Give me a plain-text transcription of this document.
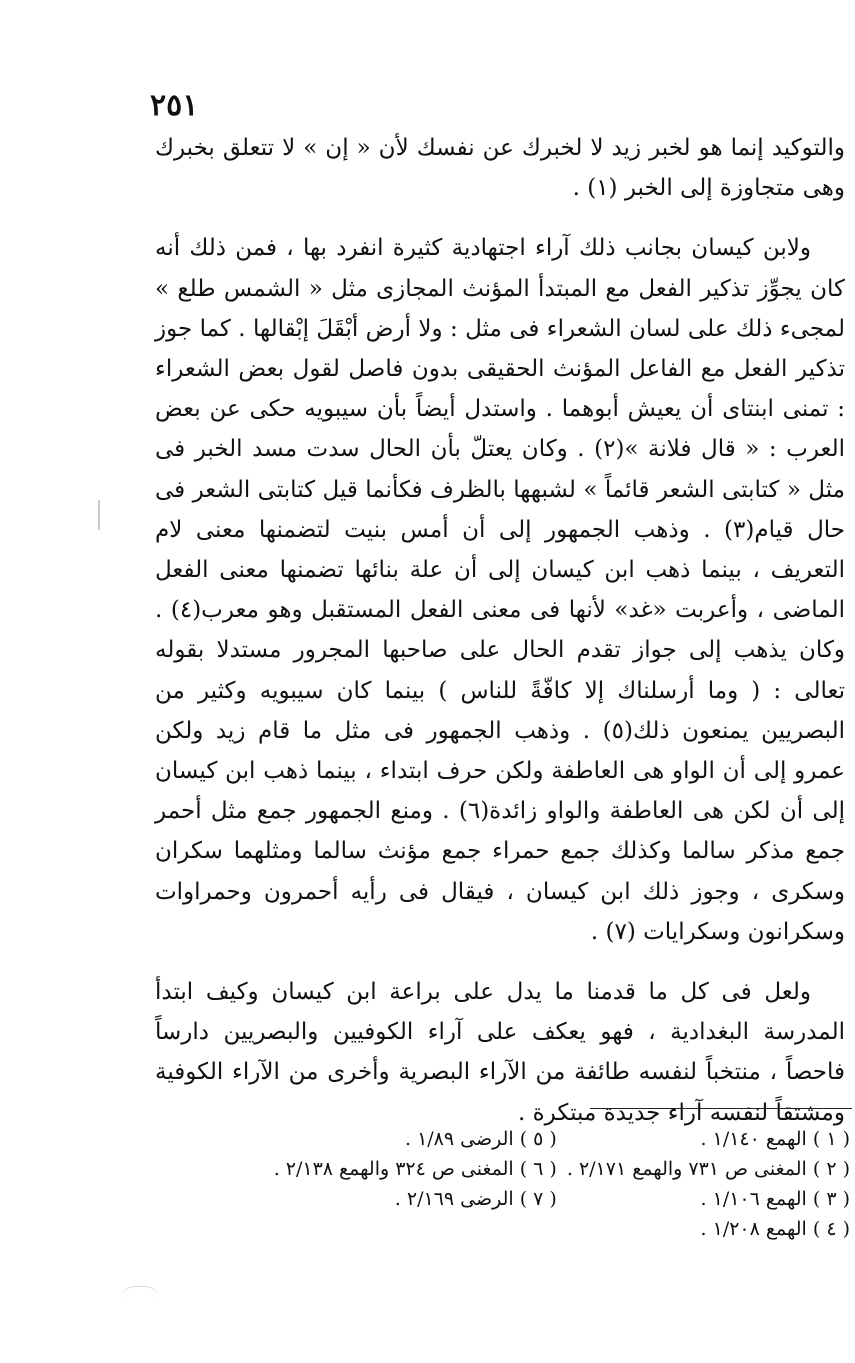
٢٥١

والتوكيد إنما هو لخبر زيد لا لخبرك عن نفسك لأن « إن » لا تتعلق بخبرك وهى متجاوزة إلى الخبر (١) .

ولابن كيسان بجانب ذلك آراء اجتهادية كثيرة انفرد بها ، فمن ذلك أنه كان يجوِّز تذكير الفعل مع المبتدأ المؤنث المجازى مثل « الشمس طلع » لمجىء ذلك على لسان الشعراء فى مثل : ولا أرض أبْقَلَ إبْقالها . كما جوز تذكير الفعل مع الفاعل المؤنث الحقيقى بدون فاصل لقول بعض الشعراء : تمنى ابنتاى أن يعيش أبوهما . واستدل أيضاً بأن سيبويه حكى عن بعض العرب : « قال فلانة »(٢) . وكان يعتلّ بأن الحال سدت مسد الخبر فى مثل « كتابتى الشعر قائماً » لشبهها بالظرف فكأنما قيل كتابتى الشعر فى حال قيام(٣) . وذهب الجمهور إلى أن أمس بنيت لتضمنها معنى لام التعريف ، بينما ذهب ابن كيسان إلى أن علة بنائها تضمنها معنى الفعل الماضى ، وأعربت «غد» لأنها فى معنى الفعل المستقبل وهو معرب(٤) . وكان يذهب إلى جواز تقدم الحال على صاحبها المجرور مستدلا بقوله تعالى : ( وما أرسلناك إلا كافّةً للناس ) بينما كان سيبويه وكثير من البصريين يمنعون ذلك(٥) . وذهب الجمهور فى مثل ما قام زيد ولكن عمرو إلى أن الواو هى العاطفة ولكن حرف ابتداء ، بينما ذهب ابن كيسان إلى أن لكن هى العاطفة والواو زائدة(٦) . ومنع الجمهور جمع مثل أحمر جمع مذكر سالما وكذلك جمع حمراء جمع مؤنث سالما ومثلهما سكران وسكرى ، وجوز ذلك ابن كيسان ، فيقال فى رأيه أحمرون وحمراوات وسكرانون وسكرايات (٧) .

ولعل فى كل ما قدمنا ما يدل على براعة ابن كيسان وكيف ابتدأ المدرسة البغدادية ، فهو يعكف على آراء الكوفيين والبصريين دارساً فاحصاً ، منتخباً لنفسه طائفة من الآراء البصرية وأخرى من الآراء الكوفية ومشتقاً لنفسه آراء جديدة مبتكرة .

( ١ ) الهمع ١/١٤٠ .
( ٢ ) المغنى ص ٧٣١ والهمع ٢/١٧١ .
( ٣ ) الهمع ١/١٠٦ .
( ٤ ) الهمع ١/٢٠٨ .
( ٥ ) الرضى ١/٨٩ .
( ٦ ) المغنى ص ٣٢٤ والهمع ٢/١٣٨ .
( ٧ ) الرضى ٢/١٦٩ .
